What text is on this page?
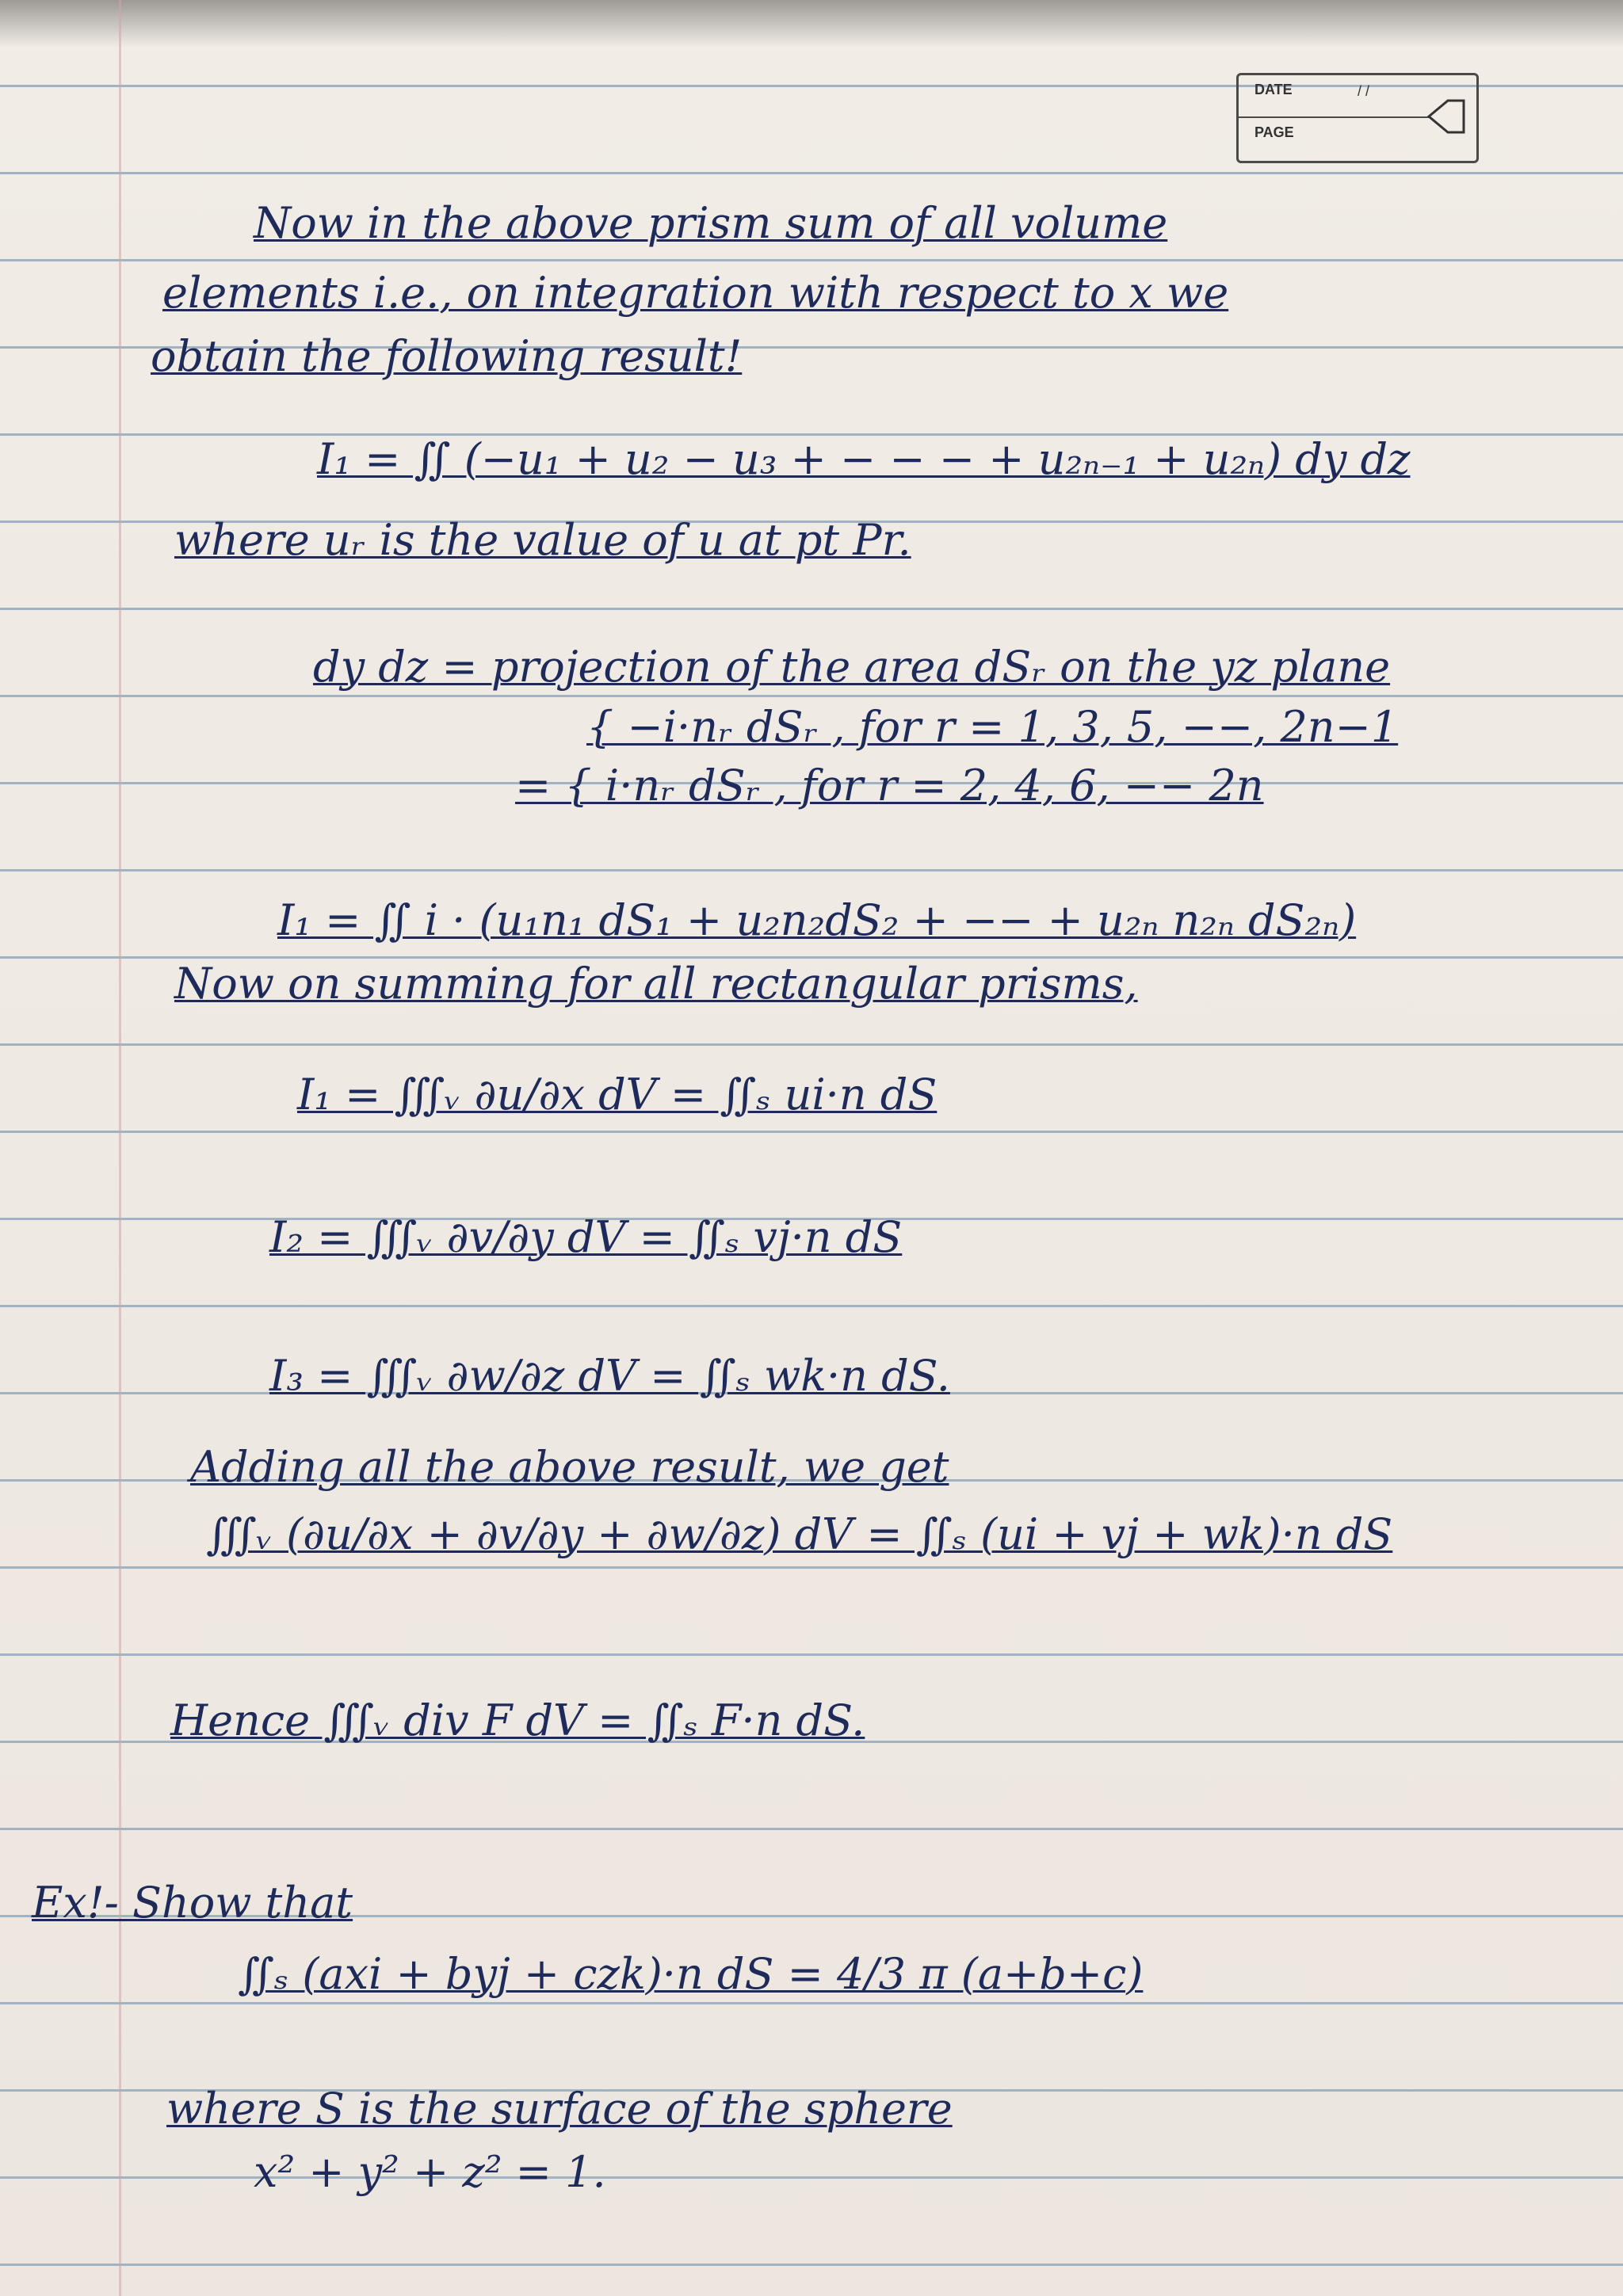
DATE	/ /
PAGE
Now in the above prism sum of all volume
elements i.e., on integration with respect to x we
obtain the following result!
I₁ = ∬ (−u₁ + u₂ − u₃ + − − − + u₂ₙ₋₁ + u₂ₙ) dy dz
where uᵣ is the value of u at pt Pr.
dy dz = projection of the area dSᵣ on the yz plane
{ −i·nᵣ dSᵣ , for r = 1, 3, 5, −−, 2n−1
= { i·nᵣ dSᵣ , for r = 2, 4, 6, −− 2n
I₁ = ∬ i · (u₁n₁ dS₁ + u₂n₂dS₂ + −− + u₂ₙ n₂ₙ dS₂ₙ)
Now on summing for all rectangular prisms,
I₁ = ∭ᵥ ∂u/∂x dV = ∬ₛ ui·n dS
I₂ = ∭ᵥ ∂v/∂y dV = ∬ₛ vj·n dS
I₃ = ∭ᵥ ∂w/∂z dV = ∬ₛ wk·n dS.
Adding all the above result, we get
∭ᵥ (∂u/∂x + ∂v/∂y + ∂w/∂z) dV = ∬ₛ (ui + vj + wk)·n dS
Hence ∭ᵥ div F dV = ∬ₛ F·n dS.
Ex!- Show that
∬ₛ (axi + byj + czk)·n dS = 4/3 π (a+b+c)
where S is the surface of the sphere
x² + y² + z² = 1.
